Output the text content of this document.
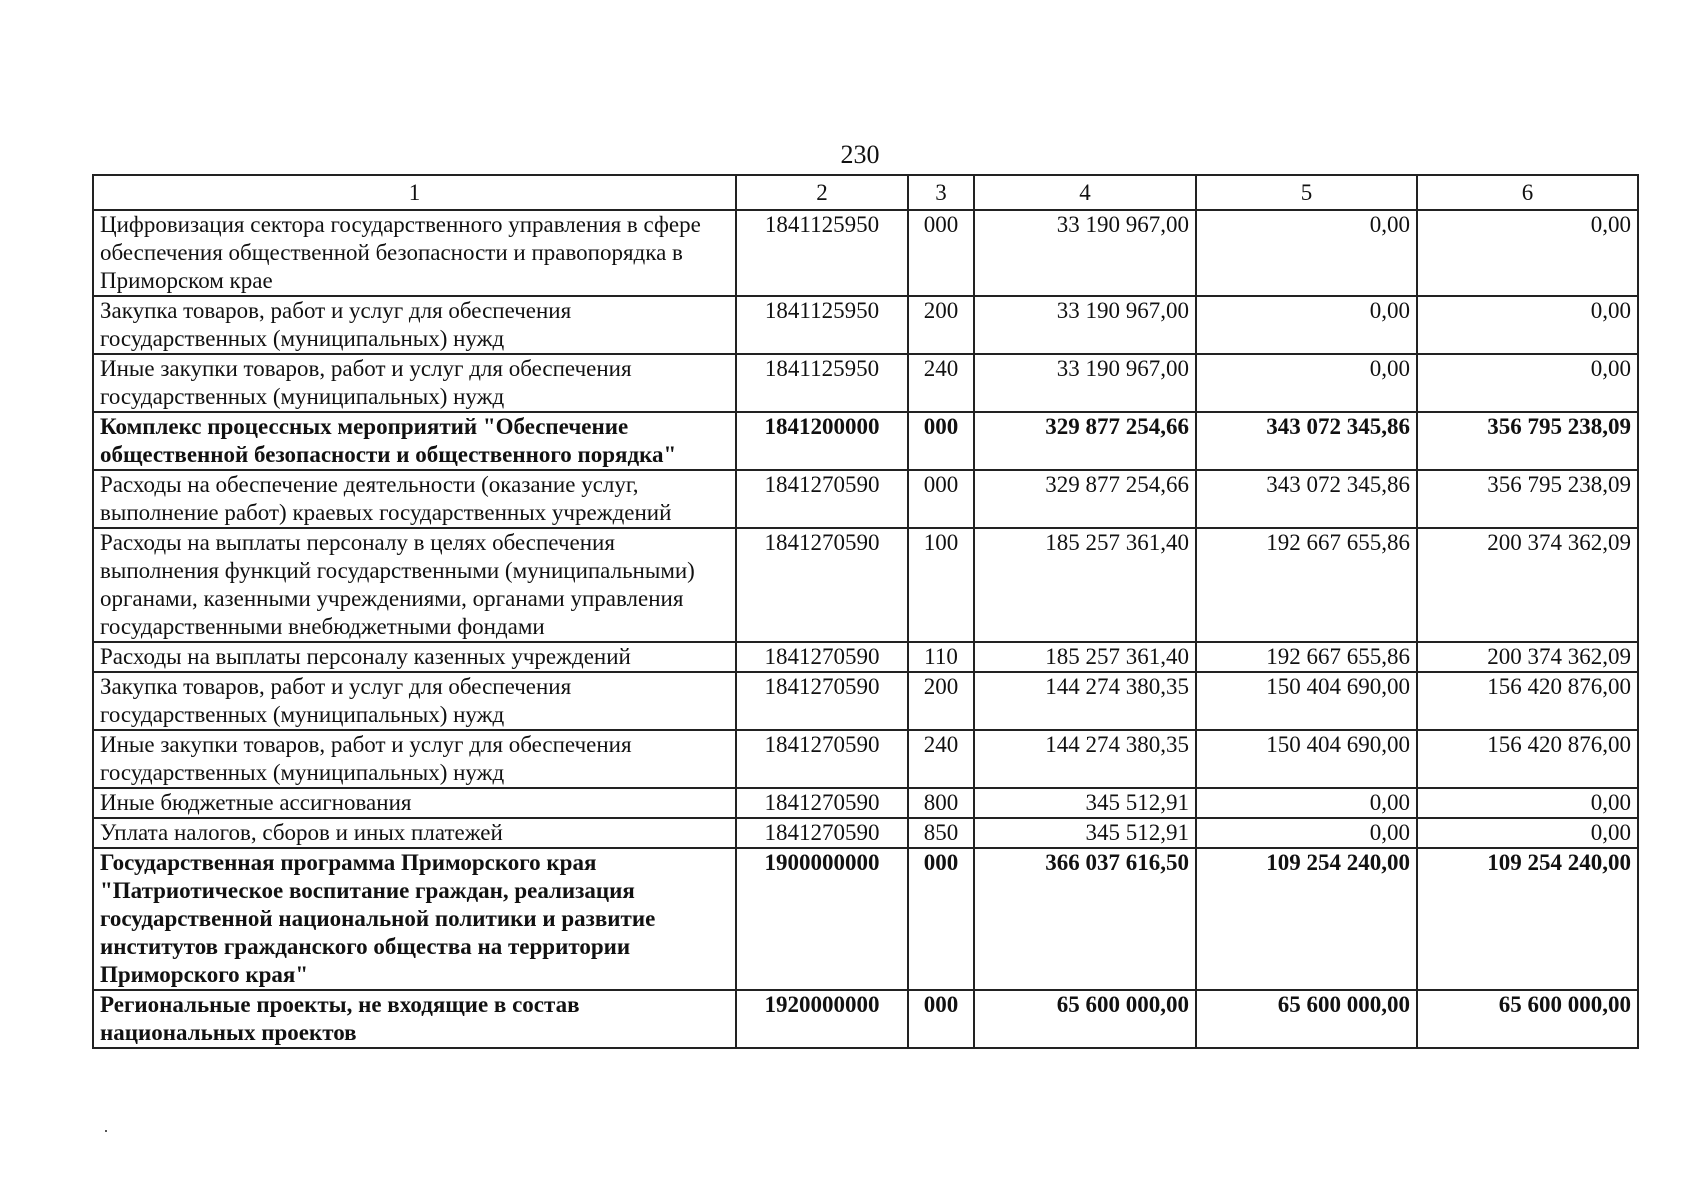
230
1	2	3	4	5	6
Цифровизация сектора государственного управления в сфере обеспечения общественной безопасности и правопорядка в Приморском крае	1841125950	000	33 190 967,00	0,00	0,00
Закупка товаров, работ и услуг для обеспечения государственных (муниципальных) нужд	1841125950	200	33 190 967,00	0,00	0,00
Иные закупки товаров, работ и услуг для обеспечения государственных (муниципальных) нужд	1841125950	240	33 190 967,00	0,00	0,00
Комплекс процессных мероприятий "Обеспечение общественной безопасности и общественного порядка"	1841200000	000	329 877 254,66	343 072 345,86	356 795 238,09
Расходы на обеспечение деятельности (оказание услуг, выполнение работ) краевых государственных учреждений	1841270590	000	329 877 254,66	343 072 345,86	356 795 238,09
Расходы на выплаты персоналу в целях обеспечения выполнения функций государственными (муниципальными) органами, казенными учреждениями, органами управления государственными внебюджетными фондами	1841270590	100	185 257 361,40	192 667 655,86	200 374 362,09
Расходы на выплаты персоналу казенных учреждений	1841270590	110	185 257 361,40	192 667 655,86	200 374 362,09
Закупка товаров, работ и услуг для обеспечения государственных (муниципальных) нужд	1841270590	200	144 274 380,35	150 404 690,00	156 420 876,00
Иные закупки товаров, работ и услуг для обеспечения государственных (муниципальных) нужд	1841270590	240	144 274 380,35	150 404 690,00	156 420 876,00
Иные бюджетные ассигнования	1841270590	800	345 512,91	0,00	0,00
Уплата налогов, сборов и иных платежей	1841270590	850	345 512,91	0,00	0,00
Государственная программа Приморского края "Патриотическое воспитание граждан, реализация государственной национальной политики и развитие институтов гражданского общества на территории Приморского края"	1900000000	000	366 037 616,50	109 254 240,00	109 254 240,00
Региональные проекты, не входящие в состав национальных проектов	1920000000	000	65 600 000,00	65 600 000,00	65 600 000,00
